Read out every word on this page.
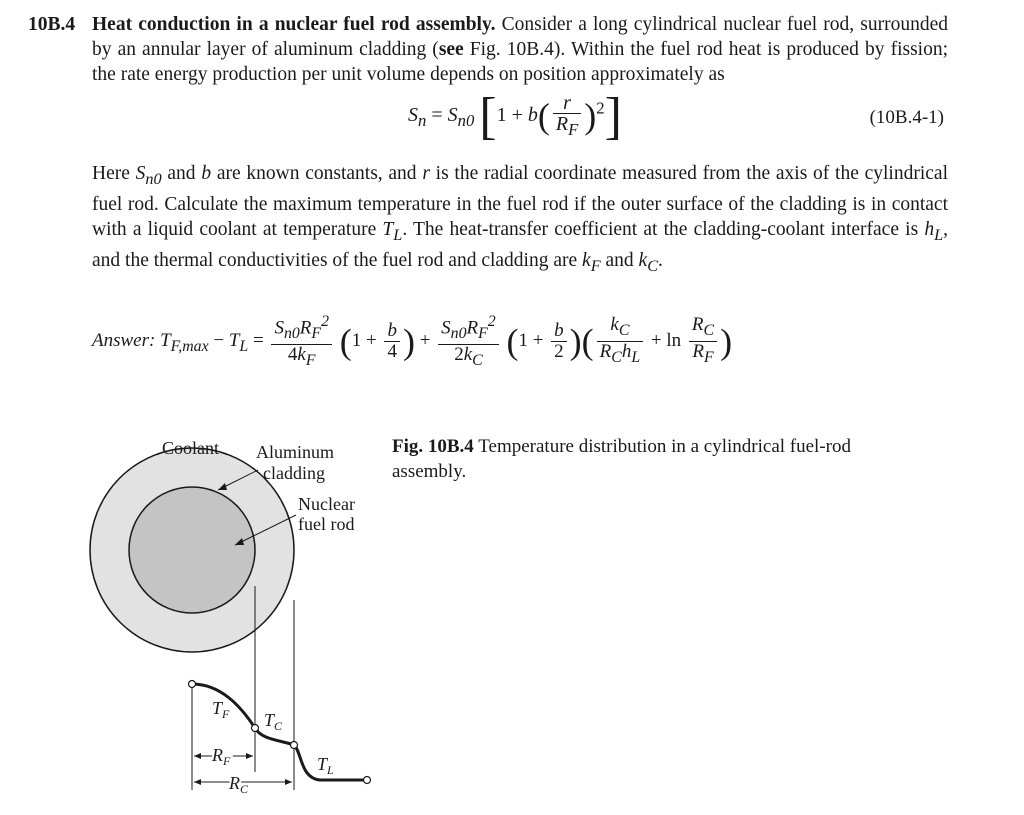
10B.4 Heat conduction in a nuclear fuel rod assembly. Consider a long cylindrical nuclear fuel rod, surrounded by an annular layer of aluminum cladding (see Fig. 10B.4). Within the fuel rod heat is produced by fission; the rate energy production per unit volume depends on position approximately as
$S_n = S_{n0}$ $[1 + b( \frac{r}{R_F} )^2]$	(10B.4-1)
Here $S_{n0}$ and b are known constants, and r is the radial coordinate measured from the axis of the cylindrical fuel rod. Calculate the maximum temperature in the fuel rod if the outer surface of the cladding is in contact with a liquid coolant at temperature $T_L$. The heat-transfer coefficient at the cladding-coolant interface is $h_L$, and the thermal conductivities of the fuel rod and cladding are $k_F$ and $k_C$.
Answer: $T_{F,max} - T_L = \frac{S_{n0}R_F^2}{4k_F} (1 + \frac{b}{4}$ ) + $\frac{S_{n0}R_F^2}{2k_C} (1 + \frac{b}{2}$ )( $\frac{k_C}{R_Ch_L} + \ln \frac{R_C}{R_F}$ )
Fig. 10B.4 Temperature distribution in a cylindrical fuel-rod assembly.
Coolant Aluminum
cladding
Nuclear
fuel rod
$T_F$ $T_C$
$T_L$
$R_F$
$R_C$
